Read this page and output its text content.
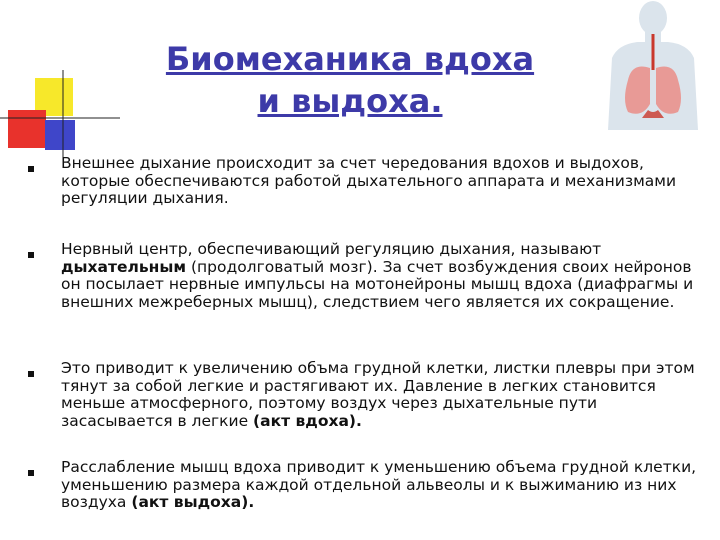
Биомеханика вдоха и выдоха.
Внешнее дыхание происходит за счет чередования вдохов и выдохов, которые обеспечиваются работой дыхательного аппарата и механизмами регуляции дыхания.
Нервный центр, обеспечивающий регуляцию дыхания, называют дыхательным (продолговатый мозг). За счет возбуждения своих нейронов он посылает нервные импульсы на мотонейроны мышц вдоха (диафрагмы и внешних межреберных мышц), следствием чего является их сокращение.
Это приводит к увеличению объма грудной клетки, листки плевры при этом тянут за собой легкие и растягивают их. Давление в легких становится меньше атмосферного, поэтому воздух через дыхательные пути засасывается в легкие (акт вдоха).
Расслабление мышц вдоха приводит к уменьшению объема грудной клетки, уменьшению размера каждой отдельной альвеолы и к выжиманию из них воздуха (акт выдоха).
